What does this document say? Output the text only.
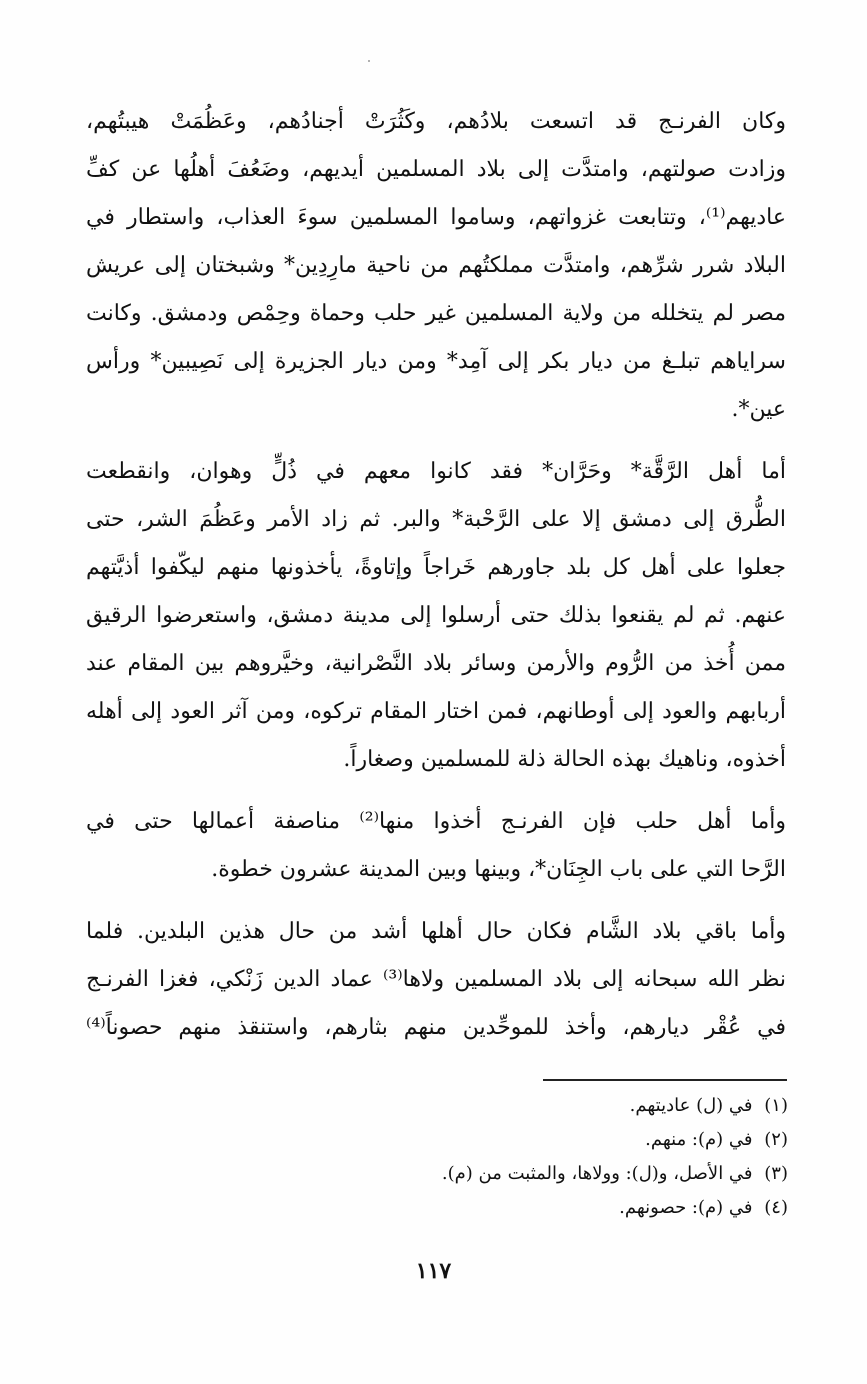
وكان الفرنـج قد اتسعت بلادُهم، وكَثُرَتْ أجنادُهم، وعَظُمَتْ هيبتُهم،
وزادت صولتهم، وامتدَّت إلى بلاد المسلمين أيديهم، وضَعُفَ أهلُها عن كفِّ
عاديهم⁽¹⁾، وتتابعت غزواتهم، وساموا المسلمين سوءَ العذاب، واستطار في
البلاد شرر شرِّهم، وامتدَّت مملكتُهم من ناحية مارِدِين* وشبختان إلى عريش
مصر لم يتخلله من ولاية المسلمين غير حلب وحماة وحِمْص ودمشق. وكانت
سراياهم تبلـغ من ديار بكر إلى آمِد* ومن ديار الجزيرة إلى نَصِيبين* ورأس
عين*.
أما أهل الرَّقَّة* وحَرَّان* فقد كانوا معهم في ذُلٍّ وهوان، وانقطعت
الطُّرق إلى دمشق إلا على الرَّحْبة* والبر. ثم زاد الأمر وعَظُمَ الشر، حتى
جعلوا على أهل كل بلد جاورهم خَراجاً وإتاوةً، يأخذونها منهم ليكّفوا أذيَّتهم
عنهم. ثم لم يقنعوا بذلك حتى أرسلوا إلى مدينة دمشق، واستعرضوا الرقيق
ممن أُخذ من الرُّوم والأرمن وسائر بلاد النَّصْرانية، وخيَّروهم بين المقام عند
أربابهم والعود إلى أوطانهم، فمن اختار المقام تركوه، ومن آثر العود إلى أهله
أخذوه، وناهيك بهذه الحالة ذلة للمسلمين وصغاراً.
وأما أهل حلب فإن الفرنـج أخذوا منها⁽²⁾ مناصفة أعمالها حتى في
الرَّحا التي على باب الجِنَان*، وبينها وبين المدينة عشرون خطوة.
وأما باقي بلاد الشَّام فكان حال أهلها أشد من حال هذين البلدين. فلما
نظر الله سبحانه إلى بلاد المسلمين ولاها⁽³⁾ عماد الدين زَنْكي، فغزا الفرنـج
في عُقْر ديارهم، وأخذ للموحِّدين منهم بثارهم، واستنقذ منهم حصوناً⁽⁴⁾
(١) في (ل) عاديتهم.
(٢) في (م): منهم.
(٣) في الأصل، و(ل): وولاها، والمثبت من (م).
(٤) في (م): حصونهم.
١١٧
